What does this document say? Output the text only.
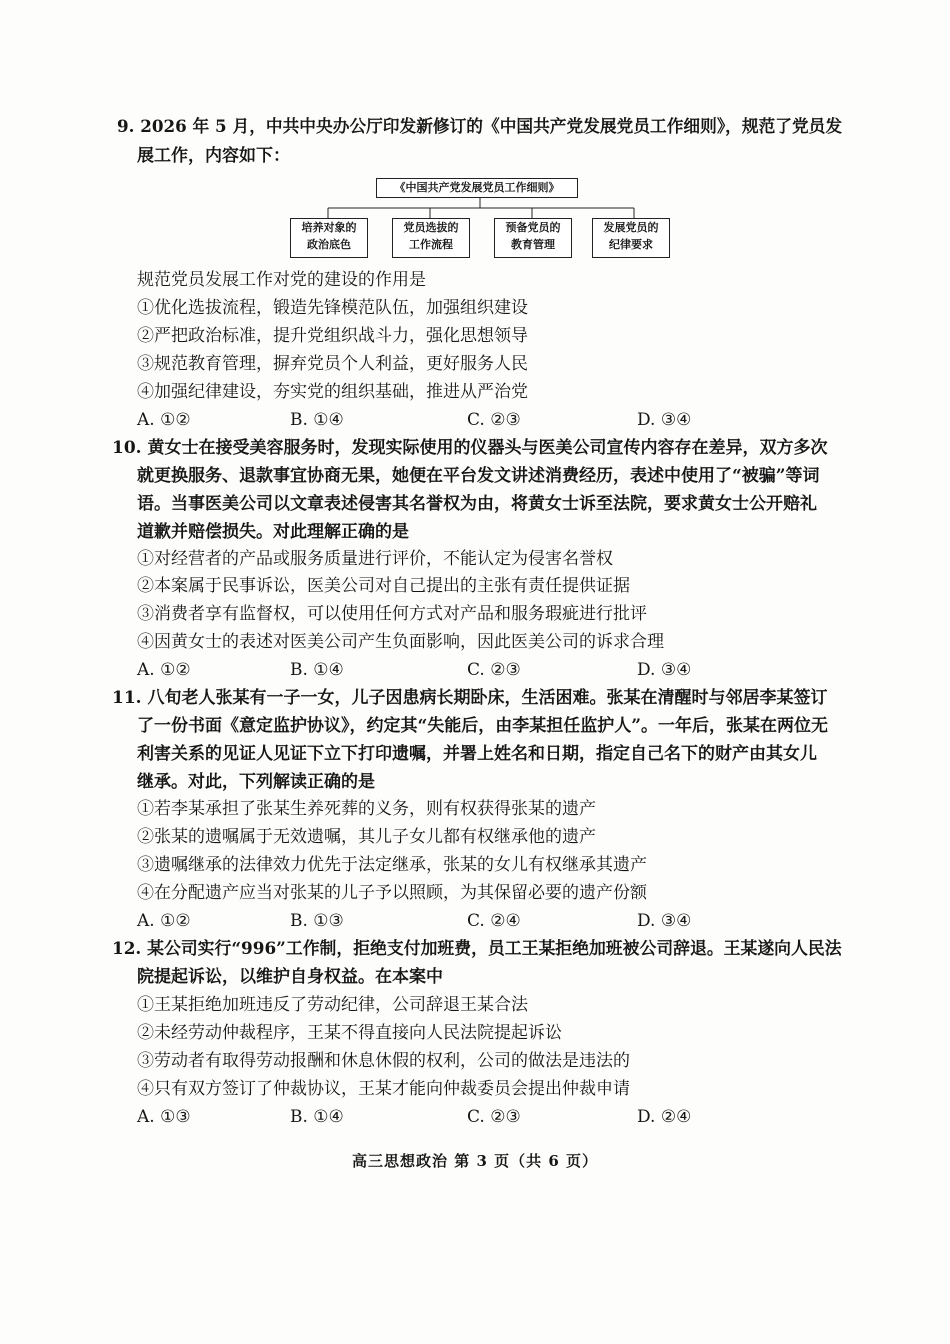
9. 2026 年 5 月，中共中央办公厅印发新修订的《中国共产党发展党员工作细则》，规范了党员发
展工作，内容如下：
《中国共产党发展党员工作细则》
培养对象的
政治底色
党员选拔的
工作流程
预备党员的
教育管理
发展党员的
纪律要求
规范党员发展工作对党的建设的作用是
①优化选拔流程，锻造先锋模范队伍，加强组织建设
②严把政治标准，提升党组织战斗力，强化思想领导
③规范教育管理，摒弃党员个人利益，更好服务人民
④加强纪律建设，夯实党的组织基础，推进从严治党
A. ①②	B. ①④	C. ②③	D. ③④
10. 黄女士在接受美容服务时，发现实际使用的仪器头与医美公司宣传内容存在差异，双方多次
就更换服务、退款事宜协商无果，她便在平台发文讲述消费经历，表述中使用了“被骗”等词
语。当事医美公司以文章表述侵害其名誉权为由，将黄女士诉至法院，要求黄女士公开赔礼
道歉并赔偿损失。对此理解正确的是
①对经营者的产品或服务质量进行评价，不能认定为侵害名誉权
②本案属于民事诉讼，医美公司对自己提出的主张有责任提供证据
③消费者享有监督权，可以使用任何方式对产品和服务瑕疵进行批评
④因黄女士的表述对医美公司产生负面影响，因此医美公司的诉求合理
A. ①②	B. ①④	C. ②③	D. ③④
11. 八旬老人张某有一子一女，儿子因患病长期卧床，生活困难。张某在清醒时与邻居李某签订
了一份书面《意定监护协议》，约定其“失能后，由李某担任监护人”。一年后，张某在两位无
利害关系的见证人见证下立下打印遗嘱，并署上姓名和日期，指定自己名下的财产由其女儿
继承。对此，下列解读正确的是
①若李某承担了张某生养死葬的义务，则有权获得张某的遗产
②张某的遗嘱属于无效遗嘱，其儿子女儿都有权继承他的遗产
③遗嘱继承的法律效力优先于法定继承，张某的女儿有权继承其遗产
④在分配遗产应当对张某的儿子予以照顾，为其保留必要的遗产份额
A. ①②	B. ①③	C. ②④	D. ③④
12. 某公司实行“996”工作制，拒绝支付加班费，员工王某拒绝加班被公司辞退。王某遂向人民法
院提起诉讼，以维护自身权益。在本案中
①王某拒绝加班违反了劳动纪律，公司辞退王某合法
②未经劳动仲裁程序，王某不得直接向人民法院提起诉讼
③劳动者有取得劳动报酬和休息休假的权利，公司的做法是违法的
④只有双方签订了仲裁协议，王某才能向仲裁委员会提出仲裁申请
A. ①③	B. ①④	C. ②③	D. ②④
高三思想政治 第 3 页（共 6 页）
